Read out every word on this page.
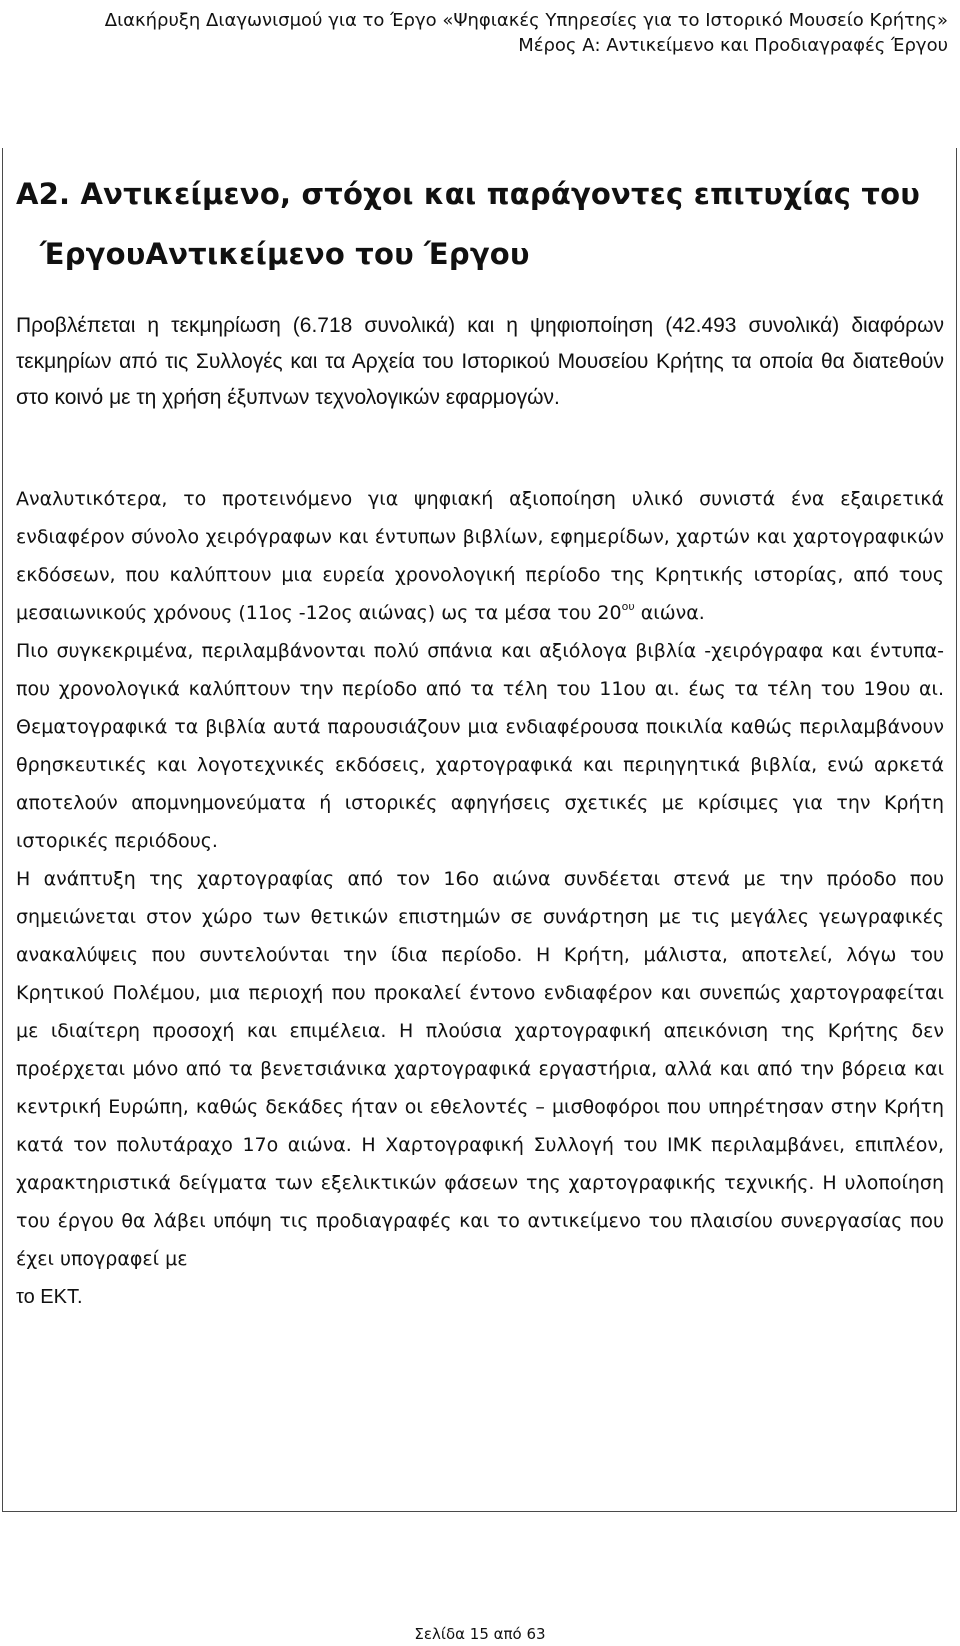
Διακήρυξη Διαγωνισμού για το Έργο «Ψηφιακές Υπηρεσίες για το Ιστορικό Μουσείο Κρήτης»
Μέρος Α: Αντικείμενο και Προδιαγραφές Έργου
Α2. Αντικείμενο, στόχοι και παράγοντες επιτυχίας του
ΈργουΑντικείμενο του Έργου

Προβλέπεται η τεκμηρίωση (6.718 συνολικά) και η ψηφιοποίηση (42.493 συνολικά) διαφόρων τεκμηρίων από τις Συλλογές και τα Αρχεία του Ιστορικού Μουσείου Κρήτης τα οποία θα διατεθούν στο κοινό με τη χρήση έξυπνων τεχνολογικών εφαρμογών.

Αναλυτικότερα, το προτεινόμενο για ψηφιακή αξιοποίηση υλικό συνιστά ένα εξαιρετικά ενδιαφέρον σύνολο χειρόγραφων και έντυπων βιβλίων, εφημερίδων, χαρτών και χαρτογραφικών εκδόσεων, που καλύπτουν μια ευρεία χρονολογική περίοδο της Κρητικής ιστορίας, από τους μεσαιωνικούς χρόνους (11ος -12ος αιώνας) ως τα μέσα του $20^{o\upsilon}$ αιώνα.

Πιο συγκεκριμένα, περιλαμβάνονται πολύ σπάνια και αξιόλογα βιβλία -χειρόγραφα και έντυπα- που χρονολογικά καλύπτουν την περίοδο από τα τέλη του 11ου αι. έως τα τέλη του 19ου αι. Θεματογραφικά τα βιβλία αυτά παρουσιάζουν μια ενδιαφέρουσα ποικιλία καθώς περιλαμβάνουν θρησκευτικές και λογοτεχνικές εκδόσεις, χαρτογραφικά και περιηγητικά βιβλία, ενώ αρκετά αποτελούν απομνημονεύματα ή ιστορικές αφηγήσεις σχετικές με κρίσιμες για την Κρήτη ιστορικές περιόδους.

Η ανάπτυξη της χαρτογραφίας από τον 16ο αιώνα συνδέεται στενά με την πρόοδο που σημειώνεται στον χώρο των θετικών επιστημών σε συνάρτηση με τις μεγάλες γεωγραφικές ανακαλύψεις που συντελούνται την ίδια περίοδο. Η Κρήτη, μάλιστα, αποτελεί, λόγω του Κρητικού Πολέμου, μια περιοχή που προκαλεί έντονο ενδιαφέρον και συνεπώς χαρτογραφείται με ιδιαίτερη προσοχή και επιμέλεια. Η πλούσια χαρτογραφική απεικόνιση της Κρήτης δεν προέρχεται μόνο από τα βενετσιάνικα χαρτογραφικά εργαστήρια, αλλά και από την βόρεια και κεντρική Ευρώπη, καθώς δεκάδες ήταν οι εθελοντές – μισθοφόροι που υπηρέτησαν στην Κρήτη κατά τον πολυτάραχο 17ο αιώνα. Η Χαρτογραφική Συλλογή του ΙΜΚ περιλαμβάνει, επιπλέον, χαρακτηριστικά δείγματα των εξελικτικών φάσεων της χαρτογραφικής τεχνικής. Η υλοποίηση του έργου θα λάβει υπόψη τις προδιαγραφές και το αντικείμενο του πλαισίου συνεργασίας που έχει υπογραφεί με
το ΕΚΤ.

Σελίδα 15 από 63
